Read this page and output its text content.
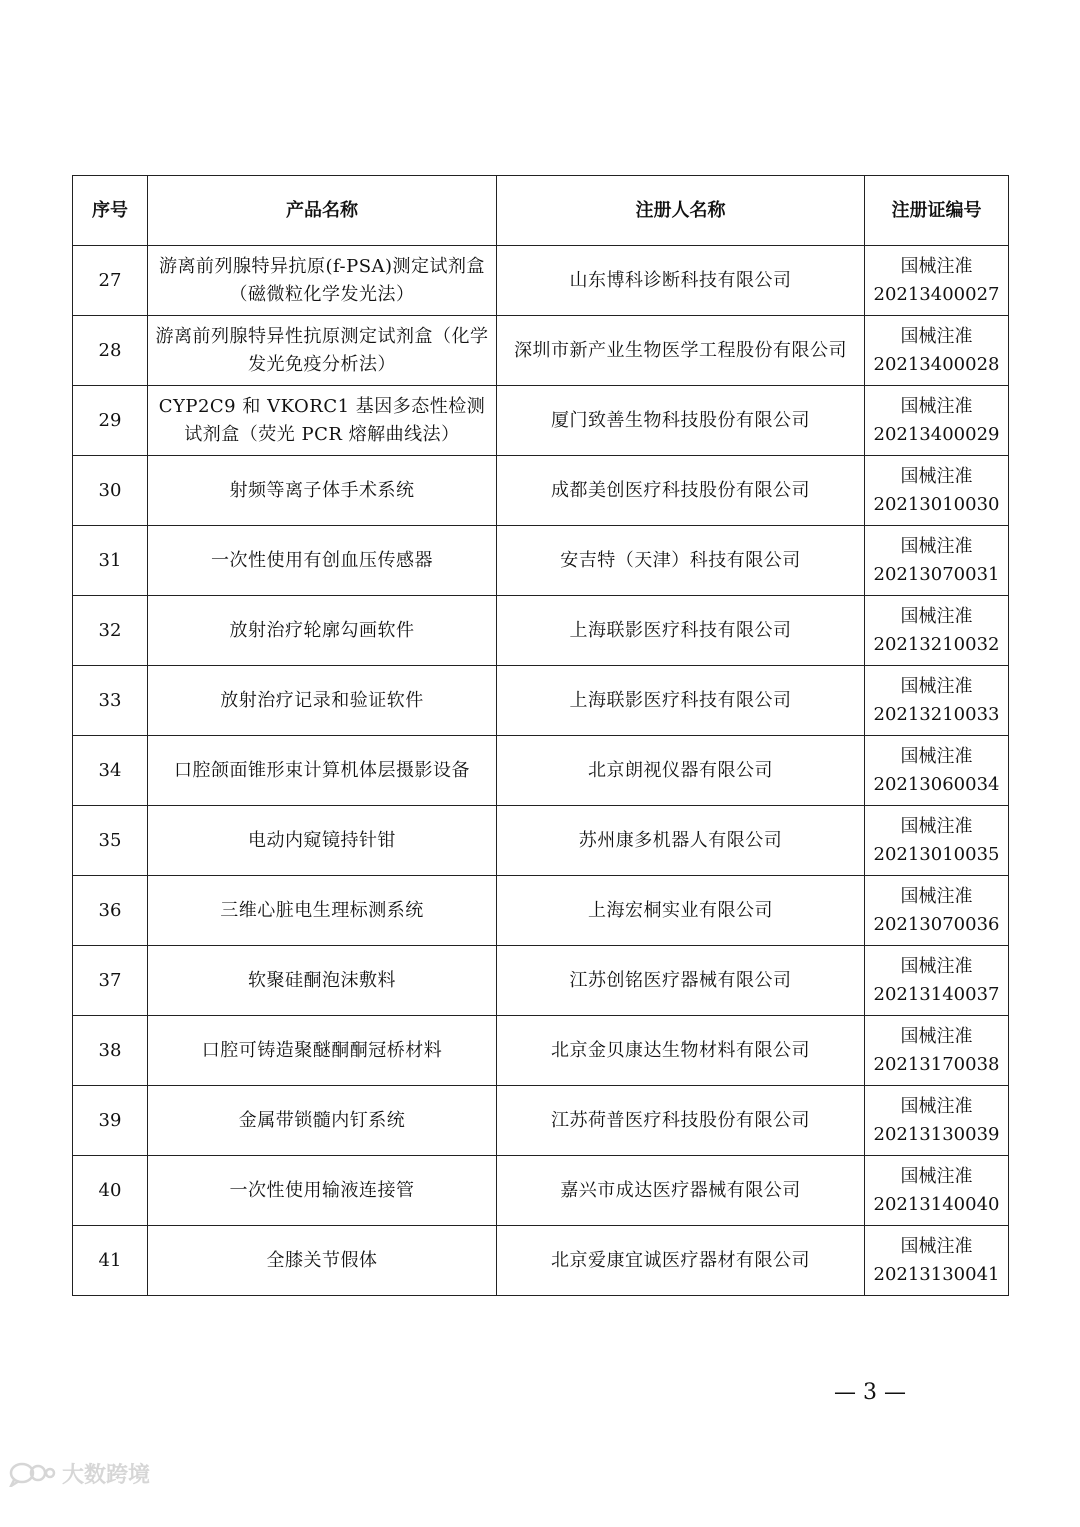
序号	产品名称	注册人名称	注册证编号
27	游离前列腺特异抗原(f-PSA)测定试剂盒（磁微粒化学发光法）	山东博科诊断科技有限公司	国械注准
20213400027

28	游离前列腺特异性抗原测定试剂盒（化学发光免疫分析法）	深圳市新产业生物医学工程股份有限公司	国械注准
20213400028

29	CYP2C9 和 VKORC1 基因多态性检测试剂盒（荧光 PCR 熔解曲线法）	厦门致善生物科技股份有限公司	国械注准
20213400029

30	射频等离子体手术系统	成都美创医疗科技股份有限公司	国械注准
20213010030

31	一次性使用有创血压传感器	安吉特（天津）科技有限公司	国械注准
20213070031

32	放射治疗轮廓勾画软件	上海联影医疗科技有限公司	国械注准
20213210032

33	放射治疗记录和验证软件	上海联影医疗科技有限公司	国械注准
20213210033

34	口腔颌面锥形束计算机体层摄影设备	北京朗视仪器有限公司	国械注准
20213060034

35	电动内窥镜持针钳	苏州康多机器人有限公司	国械注准
20213010035

36	三维心脏电生理标测系统	上海宏桐实业有限公司	国械注准
20213070036

37	软聚硅酮泡沫敷料	江苏创铭医疗器械有限公司	国械注准
20213140037

38	口腔可铸造聚醚酮酮冠桥材料	北京金贝康达生物材料有限公司	国械注准
20213170038

39	金属带锁髓内钉系统	江苏荷普医疗科技股份有限公司	国械注准
20213130039

40	一次性使用输液连接管	嘉兴市成达医疗器械有限公司	国械注准
20213140040

41	全膝关节假体	北京爱康宜诚医疗器材有限公司	国械注准
20213130041
— 3 —
大数跨境
